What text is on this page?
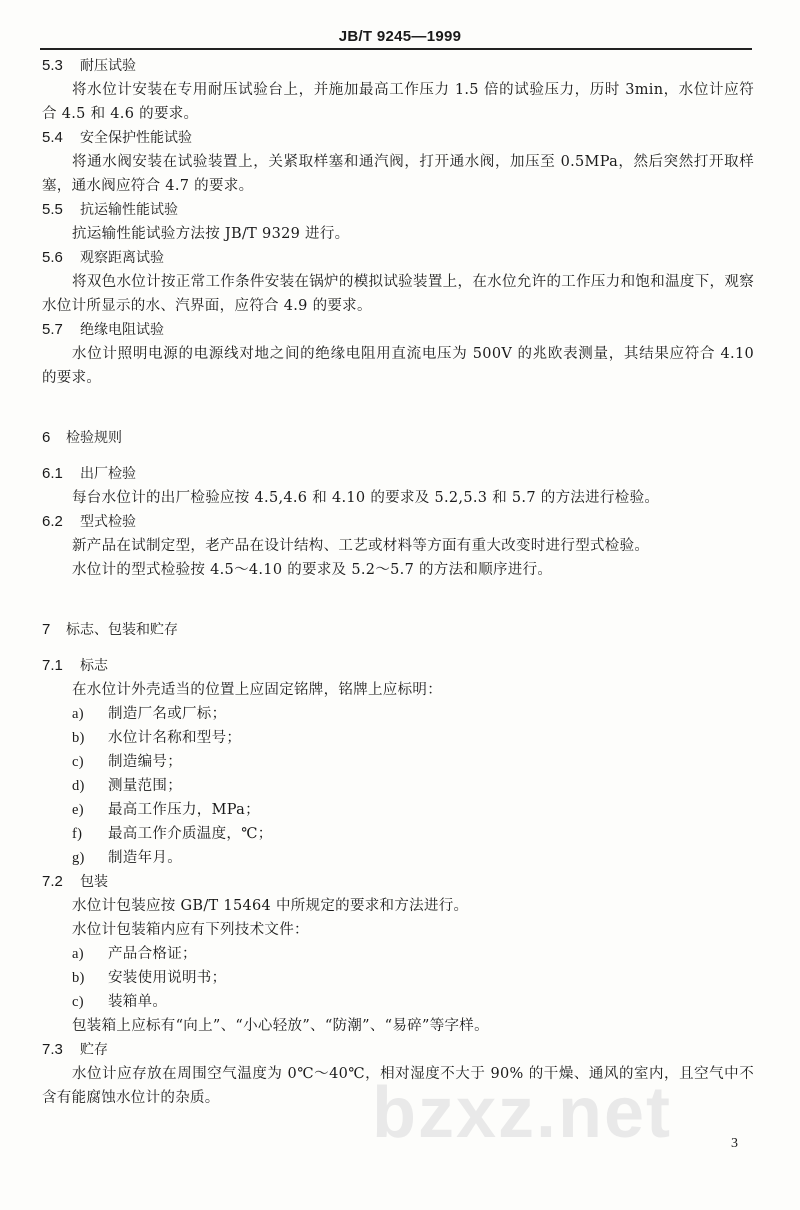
JB/T 9245—1999
5.3	耐压试验

将水位计安装在专用耐压试验台上，并施加最高工作压力 1.5 倍的试验压力，历时 3min，水位计应符合 4.5 和 4.6 的要求。

5.4	安全保护性能试验

将通水阀安装在试验装置上，关紧取样塞和通汽阀，打开通水阀，加压至 0.5MPa，然后突然打开取样塞，通水阀应符合 4.7 的要求。

5.5	抗运输性能试验

抗运输性能试验方法按 JB/T 9329 进行。

5.6	观察距离试验

将双色水位计按正常工作条件安装在锅炉的模拟试验装置上，在水位允许的工作压力和饱和温度下，观察水位计所显示的水、汽界面，应符合 4.9 的要求。

5.7	绝缘电阻试验

水位计照明电源的电源线对地之间的绝缘电阻用直流电压为 500V 的兆欧表测量，其结果应符合 4.10 的要求。

6	检验规则
6.1	出厂检验

每台水位计的出厂检验应按 4.5,4.6 和 4.10 的要求及 5.2,5.3 和 5.7 的方法进行检验。

6.2	型式检验

新产品在试制定型，老产品在设计结构、工艺或材料等方面有重大改变时进行型式检验。

水位计的型式检验按 4.5～4.10 的要求及 5.2～5.7 的方法和顺序进行。

7	标志、包装和贮存
7.1	标志

在水位计外壳适当的位置上应固定铭牌，铭牌上应标明：

a)	制造厂名或厂标；
b)	水位计名称和型号；
c)	制造编号；
d)	测量范围；
e)	最高工作压力，MPa；
f)	最高工作介质温度，℃；
g)	制造年月。
7.2	包装

水位计包装应按 GB/T 15464 中所规定的要求和方法进行。

水位计包装箱内应有下列技术文件：

a)	产品合格证；
b)	安装使用说明书；
c)	装箱单。

包装箱上应标有“向上”、“小心轻放”、“防潮”、“易碎”等字样。

7.3	贮存

水位计应存放在周围空气温度为 0℃～40℃，相对湿度不大于 90% 的干燥、通风的室内，且空气中不含有能腐蚀水位计的杂质。	bzxz.net	3
